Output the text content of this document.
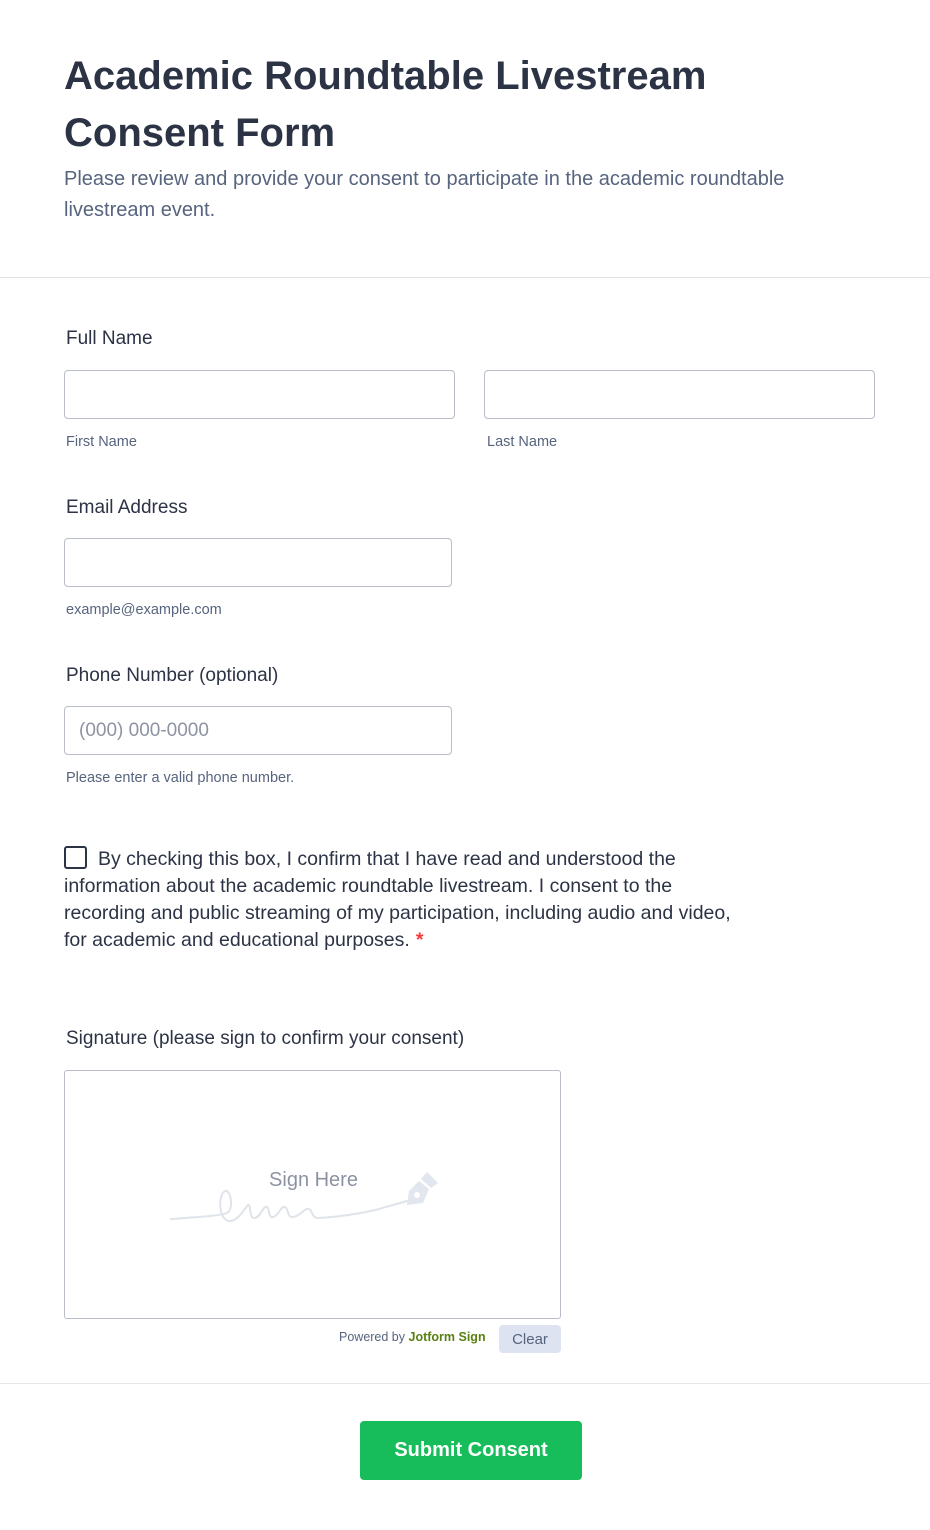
Academic Roundtable Livestream Consent Form

Please review and provide your consent to participate in the academic roundtable livestream event.

Full Name
First Name	Last Name
Email Address
example@example.com
Phone Number (optional)
(000) 000-0000
Please enter a valid phone number.
By checking this box, I confirm that I have read and understood the information about the academic roundtable livestream. I consent to the recording and public streaming of my participation, including audio and video, for academic and educational purposes. *
Signature (please sign to confirm your consent)
Sign Here
Powered by Jotform Sign	Clear
Submit Consent
